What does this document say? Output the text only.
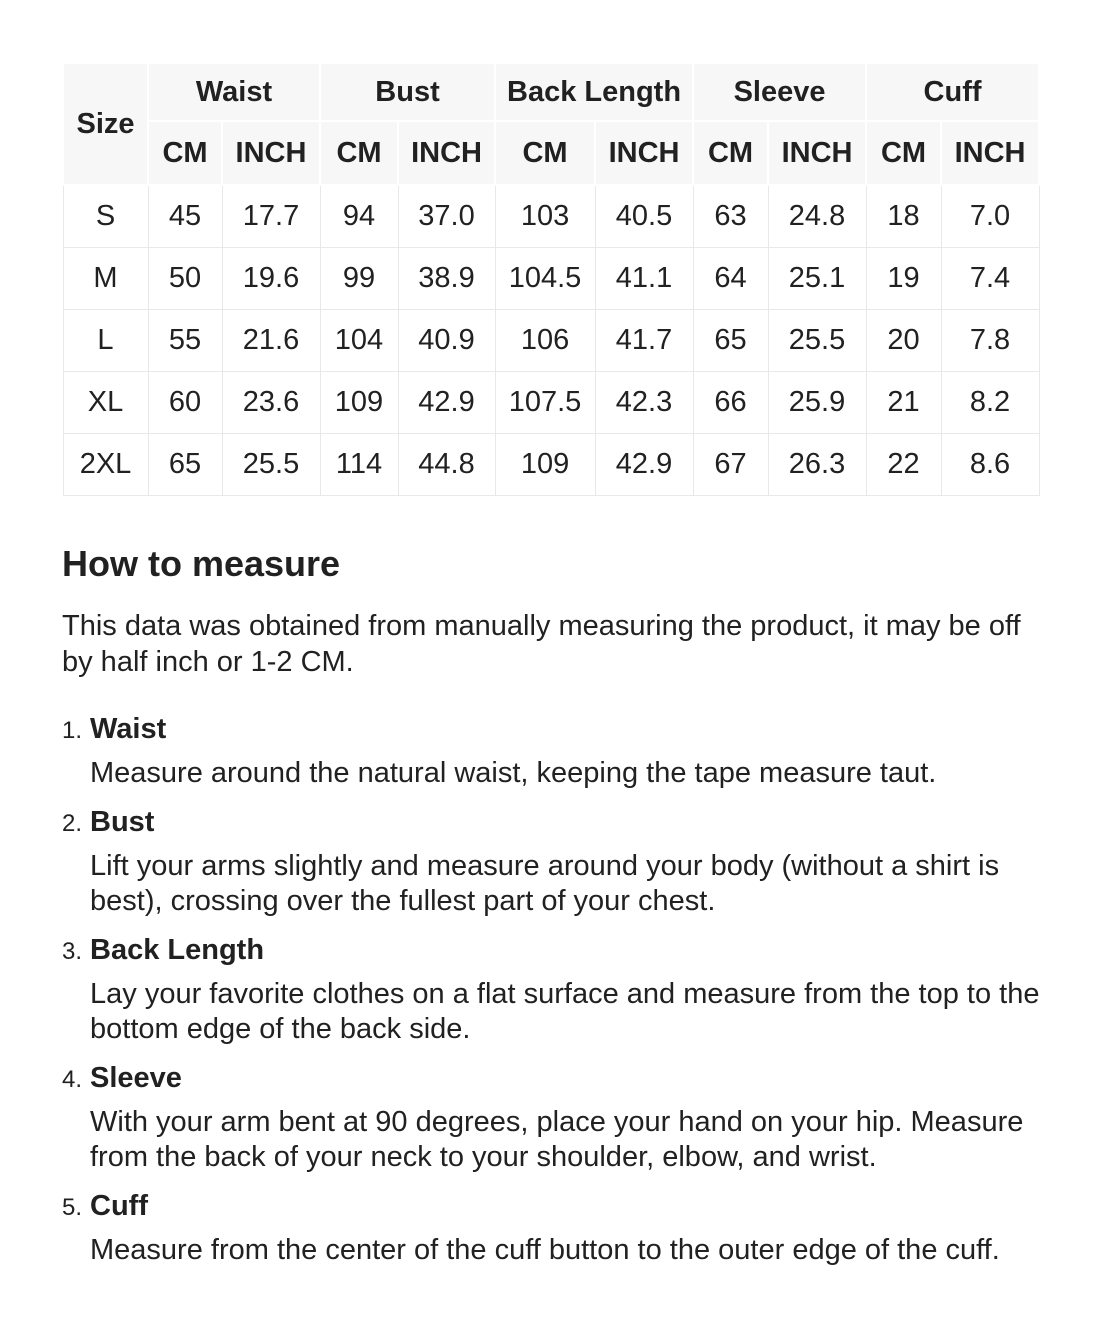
Size	Waist		Bust		Back Length		Sleeve		Cuff	
	CM	INCH	CM	INCH	CM	INCH	CM	INCH	CM	INCH
S	45	17.7	94	37.0	103	40.5	63	24.8	18	7.0
M	50	19.6	99	38.9	104.5	41.1	64	25.1	19	7.4
L	55	21.6	104	40.9	106	41.7	65	25.5	20	7.8
XL	60	23.6	109	42.9	107.5	42.3	66	25.9	21	8.2
2XL	65	25.5	114	44.8	109	42.9	67	26.3	22	8.6
How to measure

This data was obtained from manually measuring the product, it may be off by half inch or 1-2 CM.

1. Waist

Measure around the natural waist, keeping the tape measure taut.

2. Bust

Lift your arms slightly and measure around your body (without a shirt is best), crossing over the fullest part of your chest.

3. Back Length

Lay your favorite clothes on a flat surface and measure from the top to the bottom edge of the back side.

4. Sleeve

With your arm bent at 90 degrees, place your hand on your hip. Measure from the back of your neck to your shoulder, elbow, and wrist.

5. Cuff

Measure from the center of the cuff button to the outer edge of the cuff.
